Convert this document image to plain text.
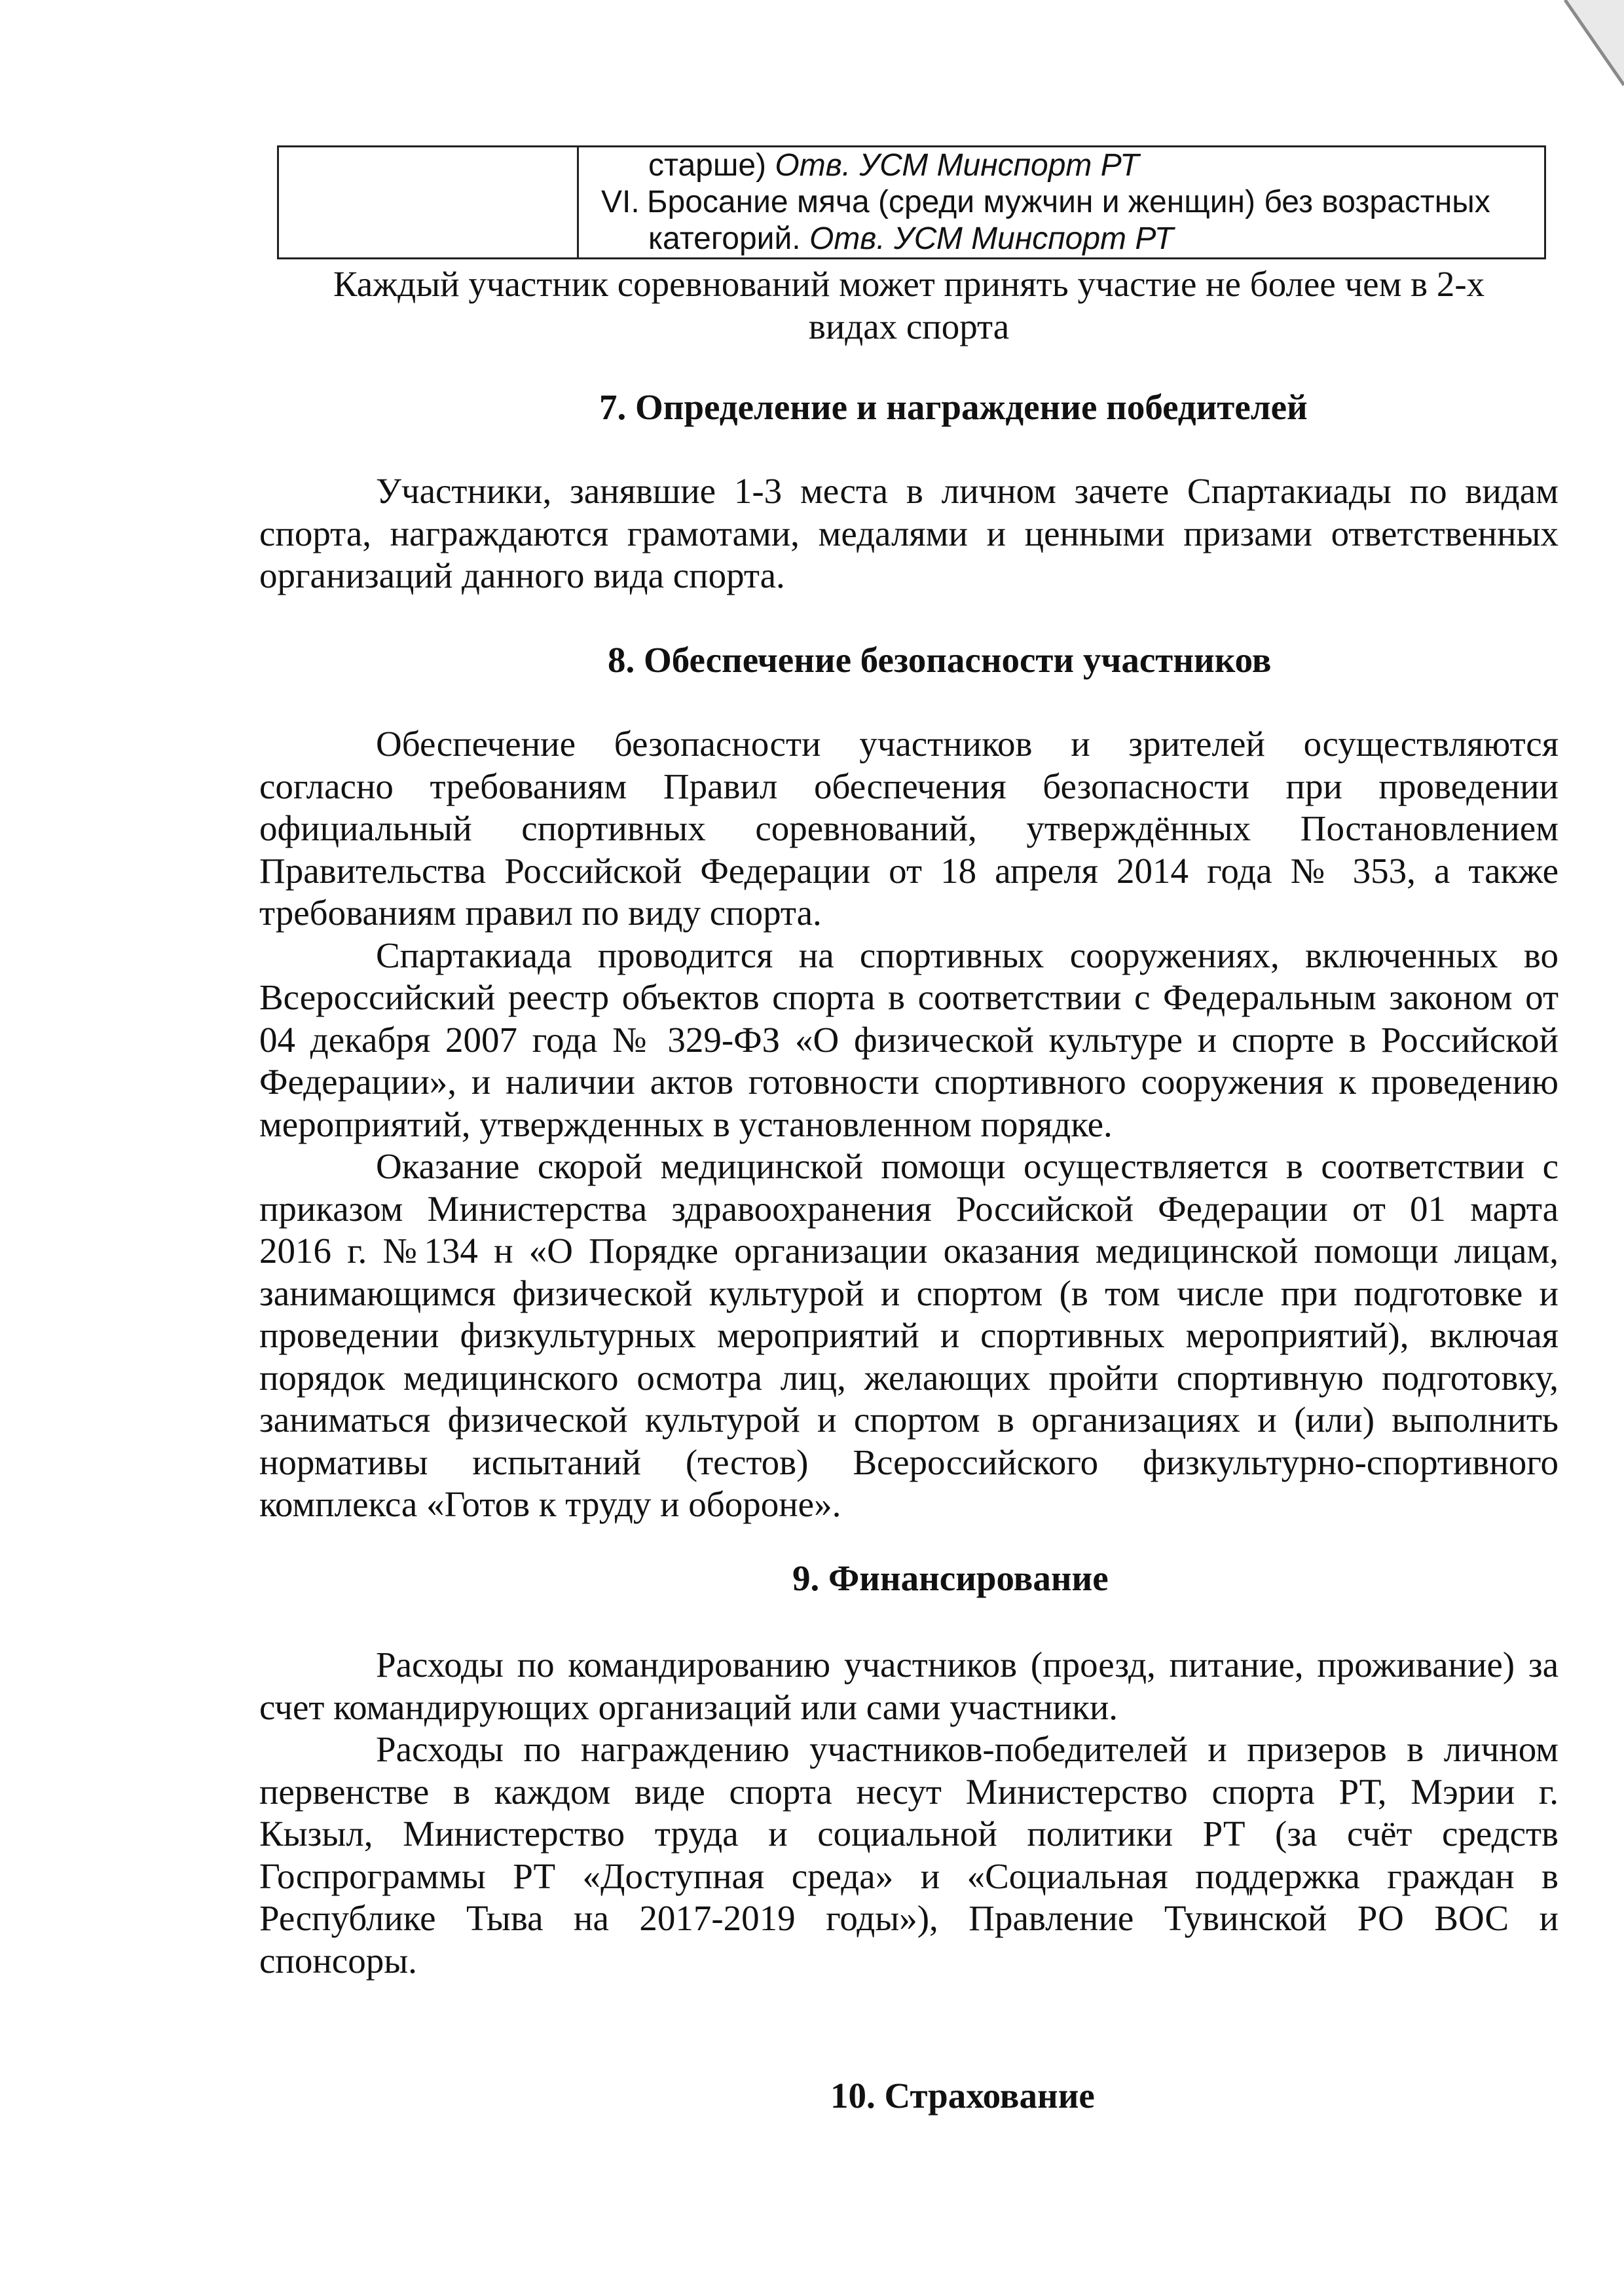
старше) Отв. УСМ Минспорт РТ
VI. Бросание мяча (среди мужчин и женщин) без возрастных
категорий. Отв. УСМ Минспорт РТ

Каждый участник соревнований может принять участие не более чем в 2-х

видах спорта

7. Определение и награждение победителей

Участники, занявшие 1-3 места в личном зачете Спартакиады по видам

спорта, награждаются грамотами, медалями и ценными призами ответственных

организаций данного вида спорта.

8. Обеспечение безопасности участников

Обеспечение безопасности участников и зрителей осуществляются

согласно требованиям Правил обеспечения безопасности при проведении

официальный спортивных соревнований, утверждённых Постановлением

Правительства Российской Федерации от 18 апреля 2014 года № 353, а также

требованиям правил по виду спорта.

Спартакиада проводится на спортивных сооружениях, включенных во

Всероссийский реестр объектов спорта в соответствии с Федеральным законом от

04 декабря 2007 года № 329-ФЗ «О физической культуре и спорте в Российской

Федерации», и наличии актов готовности спортивного сооружения к проведению

мероприятий, утвержденных в установленном порядке.

Оказание скорой медицинской помощи осуществляется в соответствии с

приказом Министерства здравоохранения Российской Федерации от 01 марта

2016 г. №134 н «О Порядке организации оказания медицинской помощи лицам,

занимающимся физической культурой и спортом (в том числе при подготовке и

проведении физкультурных мероприятий и спортивных мероприятий), включая

порядок медицинского осмотра лиц, желающих пройти спортивную подготовку,

заниматься физической культурой и спортом в организациях и (или) выполнить

нормативы испытаний (тестов) Всероссийского физкультурно-спортивного

комплекса «Готов к труду и обороне».

9. Финансирование

Расходы по командированию участников (проезд, питание, проживание) за

счет командирующих организаций или сами участники.

Расходы по награждению участников-победителей и призеров в личном

первенстве в каждом виде спорта несут Министерство спорта РТ, Мэрии г.

Кызыл, Министерство труда и социальной политики РТ (за счёт средств

Госпрограммы РТ «Доступная среда» и «Социальная поддержка граждан в

Республике Тыва на 2017-2019 годы»), Правление Тувинской РО ВОС и

спонсоры.

10. Страхование
